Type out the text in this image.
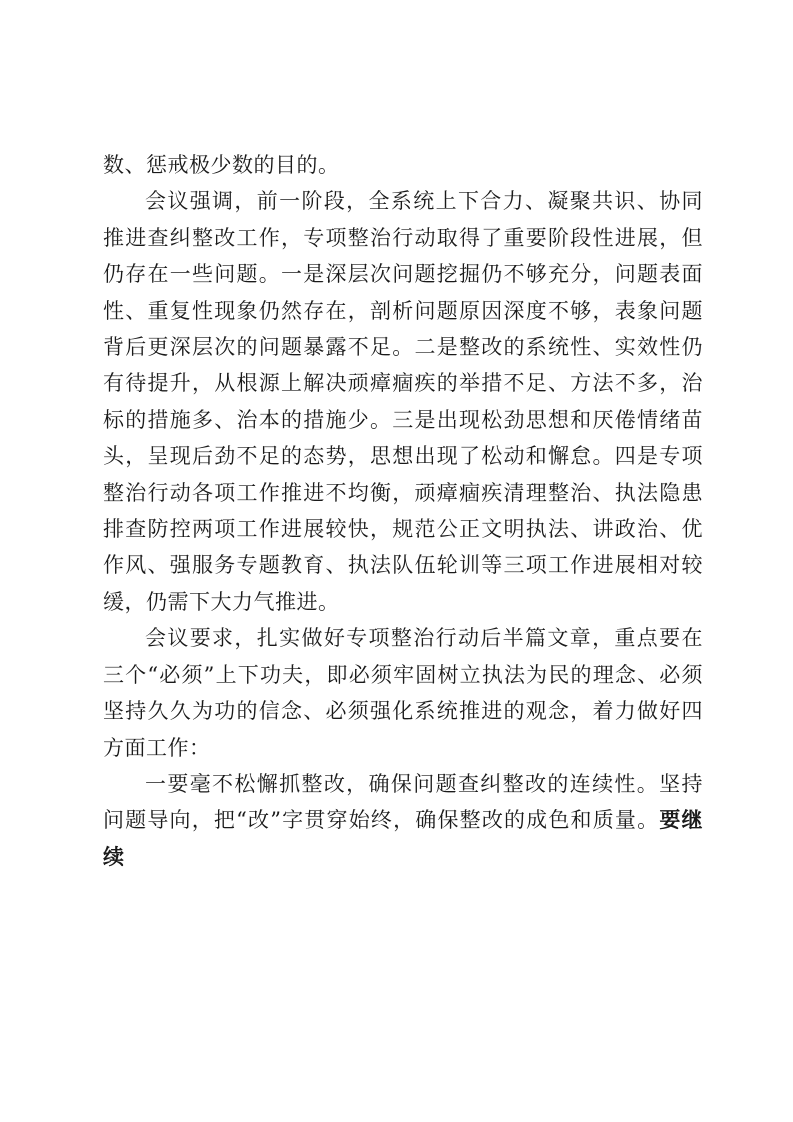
数、惩戒极少数的目的。

会议强调，前一阶段，全系统上下合力、凝聚共识、协同推进查纠整改工作，专项整治行动取得了重要阶段性进展，但仍存在一些问题。一是深层次问题挖掘仍不够充分，问题表面性、重复性现象仍然存在，剖析问题原因深度不够，表象问题背后更深层次的问题暴露不足。二是整改的系统性、实效性仍有待提升，从根源上解决顽瘴痼疾的举措不足、方法不多，治标的措施多、治本的措施少。三是出现松劲思想和厌倦情绪苗头，呈现后劲不足的态势，思想出现了松动和懈怠。四是专项整治行动各项工作推进不均衡，顽瘴痼疾清理整治、执法隐患排查防控两项工作进展较快，规范公正文明执法、讲政治、优作风、强服务专题教育、执法队伍轮训等三项工作进展相对较缓，仍需下大力气推进。

会议要求，扎实做好专项整治行动后半篇文章，重点要在三个“必须”上下功夫，即必须牢固树立执法为民的理念、必须坚持久久为功的信念、必须强化系统推进的观念，着力做好四方面工作：

一要毫不松懈抓整改，确保问题查纠整改的连续性。坚持问题导向，把“改”字贯穿始终，确保整改的成色和质量。要继续
